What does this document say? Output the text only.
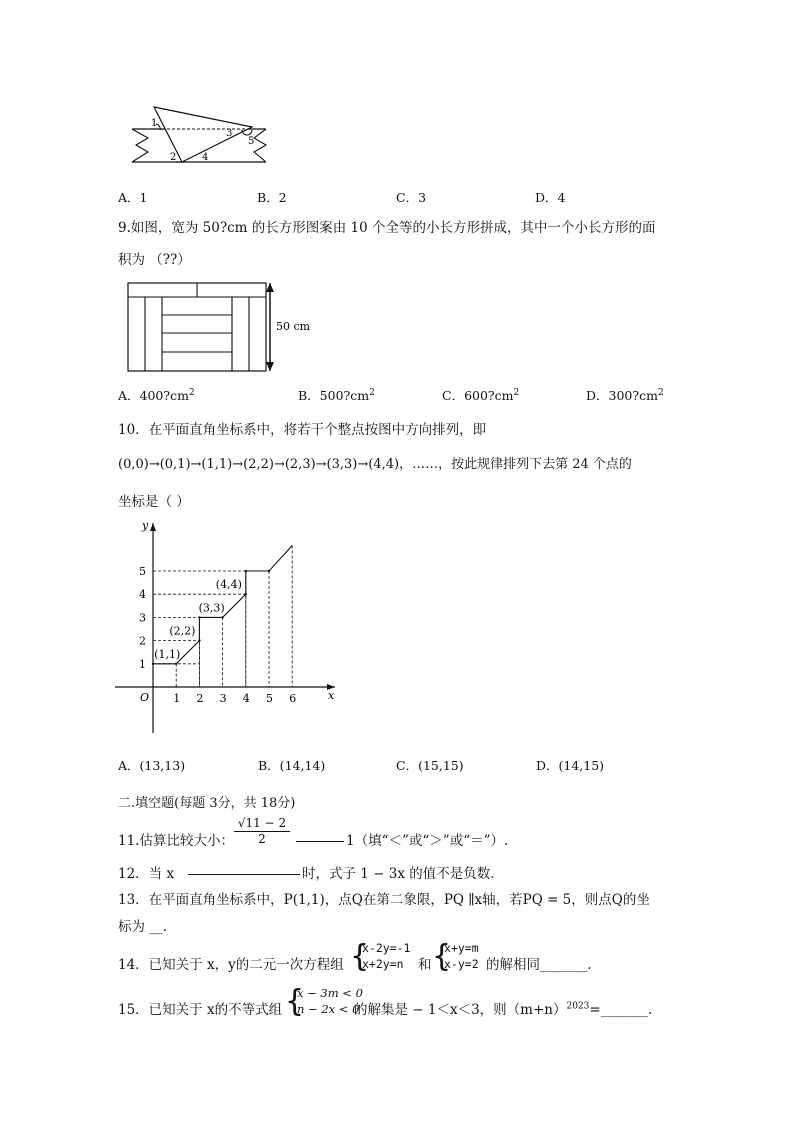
1
2
3
4
5
A．1	B．2	C．3	D．4
9.如图，宽为 50?cm 的长方形图案由 10 个全等的小长方形拼成，其中一个小长方形的面
积为 （??）
50 cm
A．$400?cm^2$	B．$500?cm^2$	C．$600?cm^2$	D．$300?cm^2$
10．在平面直角坐标系中，将若干个整点按图中方向排列，即
(0,0)→(0,1)→(1,1)→(2,2)→(2,3)→(3,3)→(4,4)，……，按此规律排列下去第 24 个点的
坐标是（ ）
x
y
O 1 2 3 4 5 6
1
2
3
4
5
(1,1)
(2,2)
(3,3)
(4,4)
A．(13,13)	B．(14,14)	C．(15,15)	D．(14,15)
二.填空题(每题 3分，共 18分)
11.估算比较大小： $\frac{√11 - 2}{2}$	1（填“＜”或“＞”或“＝”）.
12．当 x	时，式子 1 − 3x 的值不是负数．
13．在平面直角坐标系中，P(1,1)，点Q在第二象限，PQ ∥x轴，若PQ = 5，则点Q的坐
标为 __.
14．已知关于 x，y的二元一次方程组 {
x-2y=-1
x+2y=n	和 {
x+y=m
x-y=2 的解相同_______.
15．已知关于 x的不等式组 {
x − 3m < 0
n − 2x < 0
的解集是 − 1＜x＜3，则$(m+n)^{2023}=\_\_\_\_\_\_\_$.
